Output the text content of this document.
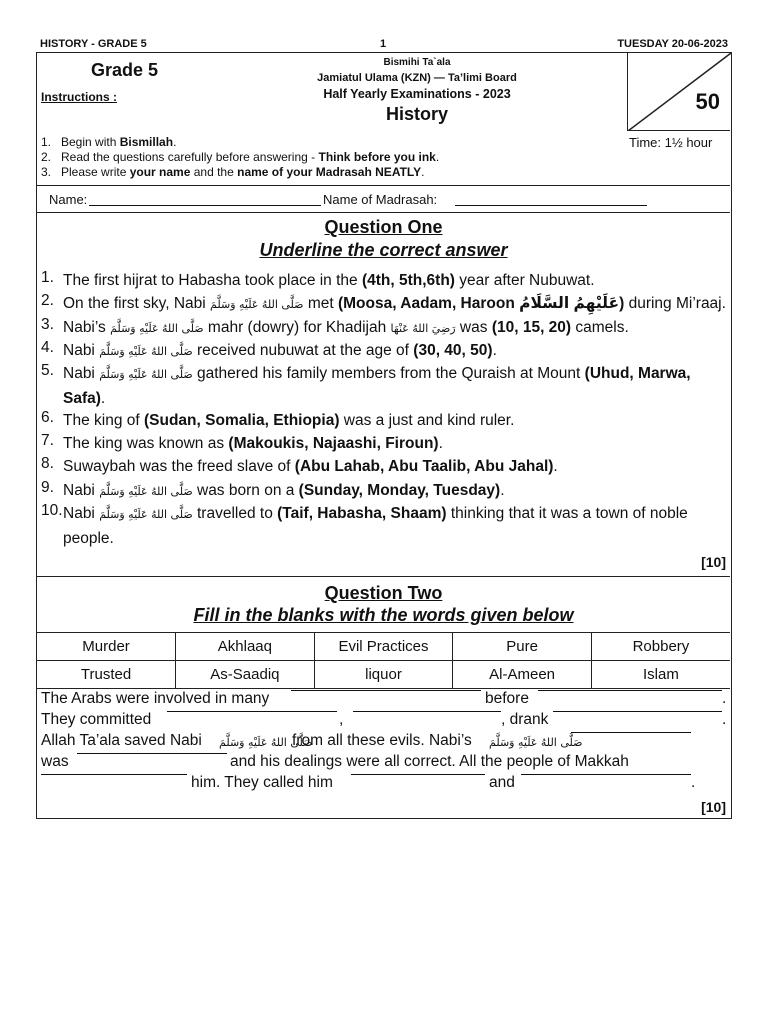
HISTORY - GRADE 5	1	TUESDAY 20-06-2023
Grade 5
Instructions :
Bismihi Ta`ala
Jamiatul Ulama (KZN) — Ta’limi Board
Half Yearly Examinations - 2023
History	50
Time: 1½ hour
1. Begin with Bismillah.
2. Read the questions carefully before answering - Think before you ink.
3. Please write your name and the name of your Madrasah NEATLY.
Name:	Name of Madrasah:
Question One
Underline the correct answer
1. The first hijrat to Habasha took place in the (4th, 5th,6th) year after Nubuwat.
2. On the first sky, Nabi صَلَّى اللهُ عَلَيْهِ وَسَلَّمَ met (Moosa, Aadam, Haroon عَلَيْهِمُ السَّلَامُ) during Mi’raaj.
3. Nabi’s صَلَّى اللهُ عَلَيْهِ وَسَلَّمَ mahr (dowry) for Khadijah رَضِيَ اللهُ عَنْهَا was (10, 15, 20) camels.
4. Nabi صَلَّى اللهُ عَلَيْهِ وَسَلَّمَ received nubuwat at the age of (30, 40, 50).
5. Nabi صَلَّى اللهُ عَلَيْهِ وَسَلَّمَ gathered his family members from the Quraish at Mount (Uhud, Marwa, Safa).
6. The king of (Sudan, Somalia, Ethiopia) was a just and kind ruler.
7. The king was known as (Makoukis, Najaashi, Firoun).
8. Suwaybah was the freed slave of (Abu Lahab, Abu Taalib, Abu Jahal).
9. Nabi صَلَّى اللهُ عَلَيْهِ وَسَلَّمَ was born on a (Sunday, Monday, Tuesday).
10. Nabi صَلَّى اللهُ عَلَيْهِ وَسَلَّمَ travelled to (Taif, Habasha, Shaam) thinking that it was a town of noble people.
[10]
Question Two
Fill in the blanks with the words given below
Murder	Akhlaaq	Evil Practices	Pure	Robbery
Trusted	As-Saadiq	liquor	Al-Ameen	Islam
The Arabs were involved in many	before	.
They committed	,	, drank	.
Allah Ta’ala saved Nabi صَلَّى اللهُ عَلَيْهِ وَسَلَّمَ
from all these evils. Nabi’s صَلَّى اللهُ عَلَيْهِ وَسَلَّمَ
was	and his dealings were all correct. All the people of Makkah
him. They called him	and	.
[10]
